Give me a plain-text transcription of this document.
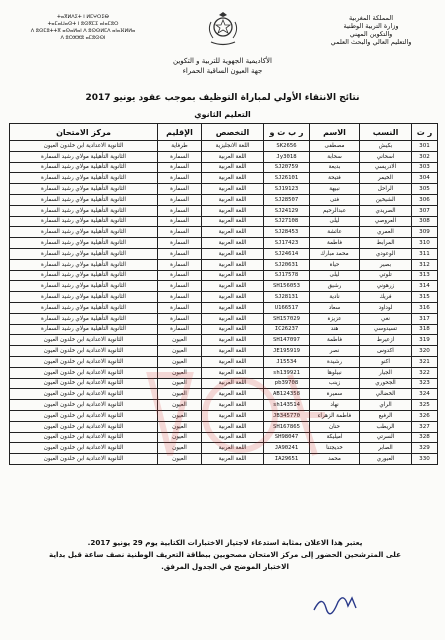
ⵜⴰⴳⵍⴷⵉⵜ ⵏ ⵍⵎⵖⵔⵉⴱ
ⵜⴰⵎⴰⵡⴰⵙⵜ ⵏ ⵓⵙⴳⵎⵉ ⴰⵏⴰⵎⵓⵔ
ⴷ ⵓⵙⵎⵓⵜⵜⴳ ⴰⵙⴰⵍⴰⵏ ⴷ ⵓⵙⵙⵍⵎⴷ ⴰⵏⴰⴼⵍⵍⴰ
ⴷ ⵓⵔⵣⵣⵓ ⴰⵎⵓⵙⵙⵏ
المملكة المغربية
وزارة التربية الوطنية
والتكوين المهني
والتعليم العالي والبحث العلمي
الأكاديمية الجهوية للتربية و التكوين
جهة العيون الساقية الحمراء
نتائج الانتقاء الأولي لمباراة التوظيف بموجب عقود يونيو 2017
التعليم الثانوي
ر ت	النسب	الاسم	ر ب ت و	التخصص	الإقليم	مركز الامتحان
301	بكيش	مصطفى	SK2656	اللغة الانجليزية	طرفاية	الثانوية الاعدادية ابن خلدون العيون
302	اسحاني	سحابة	Jy3018	اللغة العربية	السمارة	الثانوية التأهيلية مولاي رشيد السمارة
303	الادريسي	بديعة	SJ20759	اللغة العربية	السمارة	الثانوية التأهيلية مولاي رشيد السمارة
304	الخيمر	فتيحة	SJ26101	اللغة العربية	السمارة	الثانوية التأهيلية مولاي رشيد السمارة
305	الراحل	نبيهة	SJ19123	اللغة العربية	السمارة	الثانوية التأهيلية مولاي رشيد السمارة
306	الشيخين	فتى	SJ28507	اللغة العربية	السمارة	الثانوية التأهيلية مولاي رشيد السمارة
307	الصريدي	عبدالرحيم	SJ24129	اللغة العربية	السمارة	الثانوية التأهيلية مولاي رشيد السمارة
308	العروصي	ليلى	SJ27108	اللغة العربية	السمارة	الثانوية التأهيلية مولاي رشيد السمارة
309	العمري	عائشة	SJ28453	اللغة العربية	السمارة	الثانوية التأهيلية مولاي رشيد السمارة
310	المرابط	فاطمة	SJ17423	اللغة العربية	السمارة	الثانوية التأهيلية مولاي رشيد السمارة
311	الوعودي	محمد مبارك	SJ24614	اللغة العربية	السمارة	الثانوية التأهيلية مولاي رشيد السمارة
312	بصير	حياة	SJ20631	اللغة العربية	السمارة	الثانوية التأهيلية مولاي رشيد السمارة
313	تلوتي	ليلى	SJ17578	اللغة العربية	السمارة	الثانوية التأهيلية مولاي رشيد السمارة
314	زرهوني	رشيق	SH156053	اللغة العربية	السمارة	الثانوية التأهيلية مولاي رشيد السمارة
315	فريك	نادية	SJ28131	اللغة العربية	السمارة	الثانوية التأهيلية مولاي رشيد السمارة
316	لوداود	سعاد	U166517	اللغة العربية	السمارة	الثانوية التأهيلية مولاي رشيد السمارة
317	نغي	عزيزة	SH157029	اللغة العربية	السمارة	الثانوية التأهيلية مولاي رشيد السمارة
318	تسيدوسي	هند	IC26237	اللغة العربية	السمارة	الثانوية التأهيلية مولاي رشيد السمارة
319	ازعيرط	فاطمة	SH147097	اللغة العربية	العيون	الثانوية الاعدادية ابن خلدون العيون
320	اكدوس	نصر	JE195919	اللغة العربية	العيون	الثانوية الاعدادية ابن خلدون العيون
321	اكنو	رشيدة	J15534	اللغة العربية	العيون	الثانوية الاعدادية ابن خلدون العيون
322	الجيار	نبيلوها	sh139921	اللغة العربية	العيون	الثانوية الاعدادية ابن خلدون العيون
323	الجحوري	زينب	pb39708	اللغة العربية	العيون	الثانوية الاعدادية ابن خلدون العيون
324	الخضالي	سميرة	AB124358	اللغة العربية	العيون	الثانوية الاعدادية ابن خلدون العيون
325	الراي	نهاد	sh143514	اللغة العربية	العيون	الثانوية الاعدادية ابن خلدون العيون
326	الرفيع	فاطمة الزهراء	JB345770	اللغة العربية	العيون	الثانوية الاعدادية ابن خلدون العيون
327	الريطب	حنان	SH167865	اللغة العربية	العيون	الثانوية الاعدادية ابن خلدون العيون
328	السرتي	اميليكة	SH98047	اللغة العربية	العيون	الثانوية الاعدادية ابن خلدون العيون
329	الصابر	خديجتنا	JA90241	اللغة العربية	العيون	الثانوية الاعدادية ابن خلدون العيون
330	العيوري	محمد	IA29651	اللغة العربية	العيون	الثانوية الاعدادية ابن خلدون العيون
يعتبر هذا الاعلان بمثابة استدعاء لاجتياز الاختبارات الكتابية يوم 29 يونيو 2017.
على المترشحين الحضور إلى مركز الامتحان مصحوبين ببطاقة التعريف الوطنية نصف ساعة قبل بداية
الاختبار الموضح في الجدول المرفق.
